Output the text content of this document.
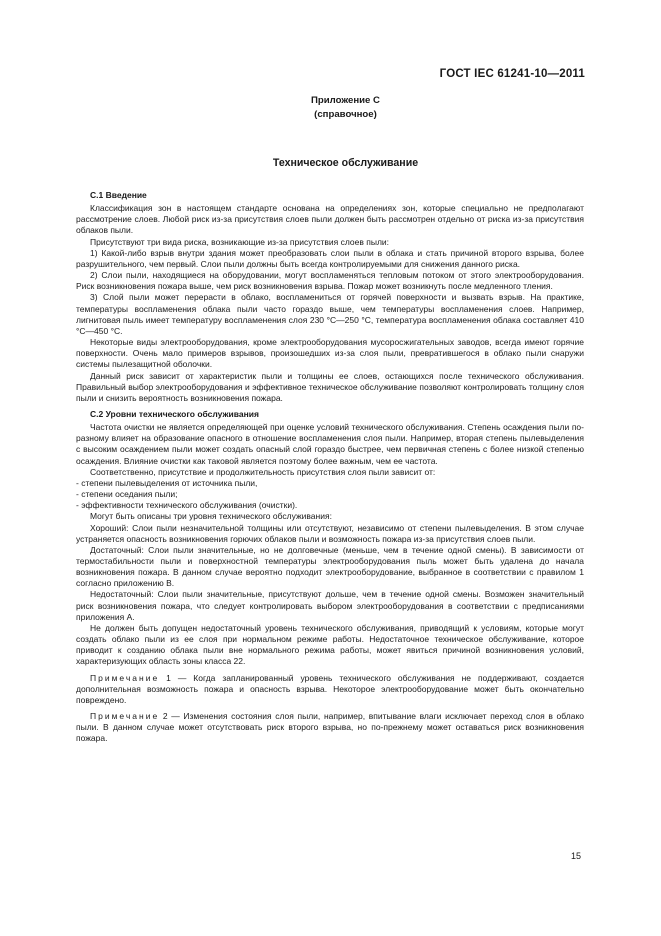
ГОСТ IEC 61241-10—2011
Приложение С
(справочное)
Техническое обслуживание

С.1 Введение

Классификация зон в настоящем стандарте основана на определениях зон, которые специально не предполагают рассмотрение слоев. Любой риск из-за присутствия слоев пыли должен быть рассмотрен отдельно от риска из-за присутствия облаков пыли.

Присутствуют три вида риска, возникающие из-за присутствия слоев пыли:

1) Какой-либо взрыв внутри здания может преобразовать слои пыли в облака и стать причиной второго взрыва, более разрушительного, чем первый. Слои пыли должны быть всегда контролируемыми для снижения данного риска.

2) Слои пыли, находящиеся на оборудовании, могут воспламеняться тепловым потоком от этого электрооборудования. Риск возникновения пожара выше, чем риск возникновения взрыва. Пожар может возникнуть после медленного тления.

3) Слой пыли может перерасти в облако, воспламениться от горячей поверхности и вызвать взрыв. На практике, температуры воспламенения облака пыли часто гораздо выше, чем температуры воспламенения слоев. Например, лигнитовая пыль имеет температуру воспламенения слоя 230 °С—250 °С, температура воспламенения облака составляет 410 °С—450 °С.

Некоторые виды электрооборудования, кроме электрооборудования мусоросжигательных заводов, всегда имеют горячие поверхности. Очень мало примеров взрывов, произошедших из-за слоя пыли, превратившегося в облако пыли снаружи системы пылезащитной оболочки.

Данный риск зависит от характеристик пыли и толщины ее слоев, остающихся после технического обслуживания. Правильный выбор электрооборудования и эффективное техническое обслуживание позволяют контролировать толщину слоя пыли и снизить вероятность возникновения пожара.

С.2 Уровни технического обслуживания

Частота очистки не является определяющей при оценке условий технического обслуживания. Степень осаждения пыли по-разному влияет на образование опасного в отношение воспламенения слоя пыли. Например, вторая степень пылевыделения с высоким осаждением пыли может создать опасный слой гораздо быстрее, чем первичная степень с более низкой степенью осаждения. Влияние очистки как таковой является поэтому более важным, чем ее частота.

Соответственно, присутствие и продолжительность присутствия слоя пыли зависит от:

- степени пылевыделения от источника пыли,

- степени оседания пыли;

- эффективности технического обслуживания (очистки).

Могут быть описаны три уровня технического обслуживания:

Хороший: Слои пыли незначительной толщины или отсутствуют, независимо от степени пылевыделения. В этом случае устраняется опасность возникновения горючих облаков пыли и возможность пожара из-за присутствия слоев пыли.

Достаточный: Слои пыли значительные, но не долговечные (меньше, чем в течение одной смены). В зависимости от термостабильности пыли и поверхностной температуры электрооборудования пыль может быть удалена до начала возникновения пожара. В данном случае вероятно подходит электрооборудование, выбранное в соответствии с правилом 1 согласно приложению В.

Недостаточный: Слои пыли значительные, присутствуют дольше, чем в течение одной смены. Возможен значительный риск возникновения пожара, что следует контролировать выбором электрооборудования в соответствии с предписаниями приложения А.

Не должен быть допущен недостаточный уровень технического обслуживания, приводящий к условиям, которые могут создать облако пыли из ее слоя при нормальном режиме работы. Недостаточное техническое обслуживание, которое приводит к созданию облака пыли вне нормального режима работы, может явиться причиной возникновения условий, характеризующих область зоны класса 22.

Примечание 1 — Когда запланированный уровень технического обслуживания не поддерживают, создается дополнительная возможность пожара и опасность взрыва. Некоторое электрооборудование может быть окончательно повреждено.

Примечание 2 — Изменения состояния слоя пыли, например, впитывание влаги исключает переход слоя в облако пыли. В данном случае может отсутствовать риск второго взрыва, но по-прежнему может оставаться риск возникновения пожара.

15
